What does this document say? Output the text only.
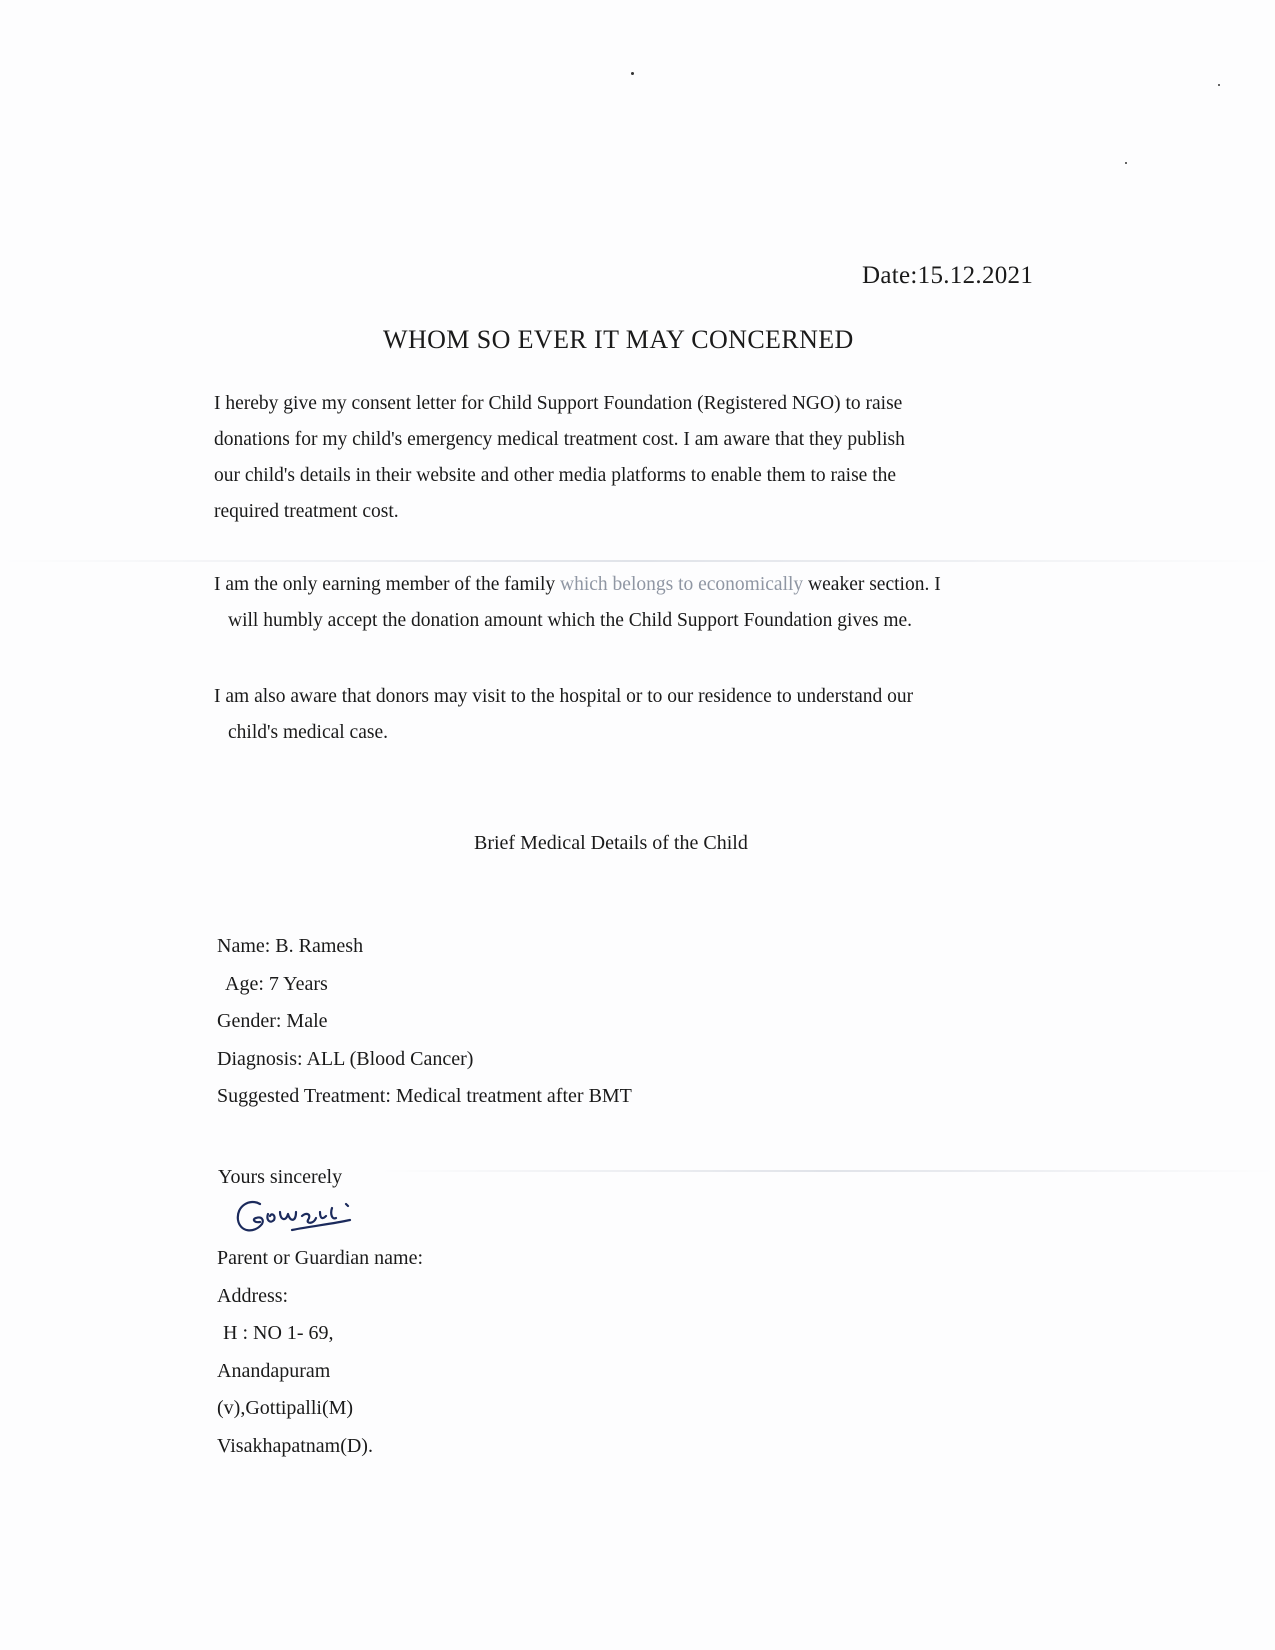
Date:15.12.2021
WHOM SO EVER IT MAY CONCERNED
I hereby give my consent letter for Child Support Foundation (Registered NGO) to raise
donations for my child's emergency medical treatment cost. I am aware that they publish
our child's details in their website and other media platforms to enable them to raise the
required treatment cost.
I am the only earning member of the family which belongs to economically weaker section. I
will humbly accept the donation amount which the Child Support Foundation gives me.
I am also aware that donors may visit to the hospital or to our residence to understand our
child's medical case.
Brief Medical Details of the Child
Name: B. Ramesh
Age: 7 Years
Gender: Male
Diagnosis: ALL (Blood Cancer)
Suggested Treatment: Medical treatment after BMT
Yours sincerely
Parent or Guardian name:
Address:
H : NO 1- 69,
Anandapuram
(v),Gottipalli(M)
Visakhapatnam(D).
